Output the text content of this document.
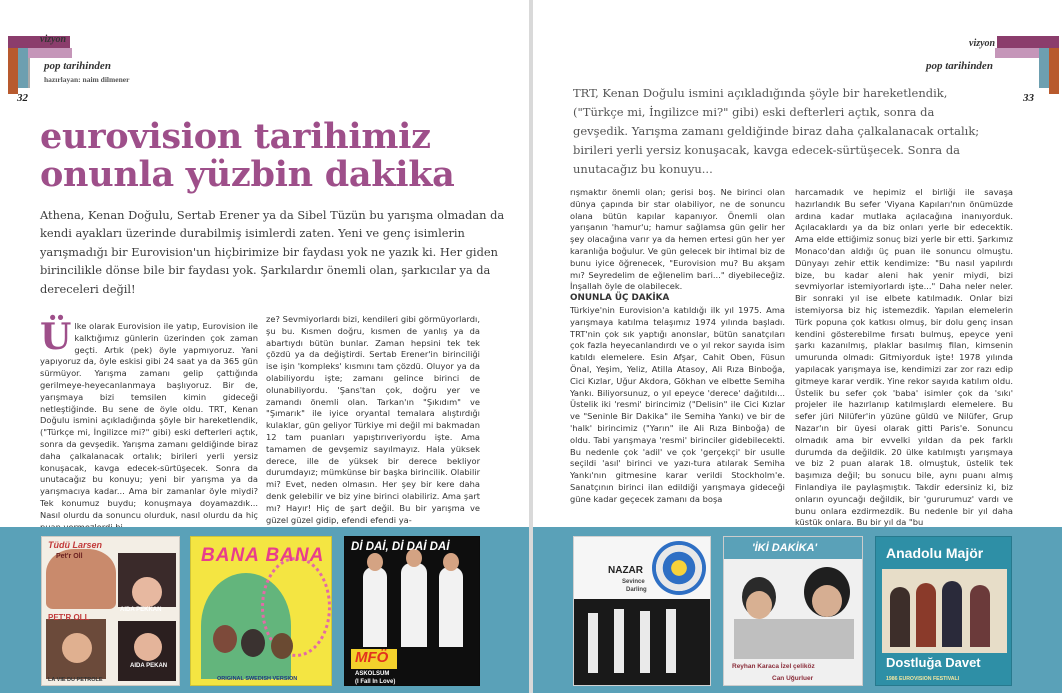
vizyon
pop tarihinden
hazırlayan: naim dilmener
32
eurovision tarihimiz
onunla yüzbin dakika
Athena, Kenan Doğulu, Sertab Erener ya da Sibel Tüzün bu yarışma olmadan da kendi ayakları üzerinde durabilmiş isimlerdi zaten. Yeni ve genç isimlerin yarışmadığı bir Eurovision'un hiçbirimize bir faydası yok ne yazık ki. Her giden birincilikle dönse bile bir faydası yok. Şarkılardır önemli olan, şarkıcılar ya da dereceleri değil!
Ü lke olarak Eurovision ile yatıp, Eurovision ile kalktığımız günlerin üzerinden çok zaman geçti. Artık (pek) öyle yapmıyoruz. Yani yapıyoruz da, öyle eskisi gibi 24 saat ya da 365 gün sürmüyor. Yarışma zamanı gelip çattığında gerilmeye-heyecanlanmaya başlıyoruz. Bir de, yarışmaya bizi temsilen kimin gideceği netleştiğinde. Bu sene de öyle oldu. TRT, Kenan Doğulu ismini açıkladığında şöyle bir hareketlendik, ("Türkçe mi, İngilizce mi?" gibi) eski defterleri açtık, sonra da gevşedik. Yarışma zamanı geldiğinde biraz daha çalkalanacak ortalık; birileri yerli yersiz konuşacak, kavga edecek-sürtüşecek. Sonra da unutacağız bu konuyu; yeni bir yarışma ya da yarışmacıya kadar... Ama bir zamanlar öyle miydi? Tek konumuz buydu; konuşmaya doyamazdık... Nasıl olurdu da sonuncu olurduk, nasıl olurdu da hiç
ze? Sevmiyorlardı bizi, kendileri gibi görmüyorlardı, şu bu. Kısmen doğru, kısmen de yanlış ya da abartıydı bütün bunlar. Zaman hepsini tek tek çözdü ya da değiştirdi. Sertab Erener'in birinciliği ise işin 'kompleks' kısmını tam çözdü. Oluyor ya da olabiliyordu işte; zamanı gelince birinci de olunabiliyordu. 'Şans'tan çok, doğru yer ve zamandı önemli olan. Tarkan'ın "Şıkıdım" ve "Şımarık" ile iyice oryantal temalara alıştırdığı kulaklar, gün geliyor Türkiye mi değil mi bakmadan 12 tam puanları yapıştırıveriyordu işte. Ama tamamen de gevşemiz sayılmayız. Hala yüksek derece, ille de yüksek bir derece bekliyor durumdayız; mümkünse bir başka birincilik. Olabilir mi? Evet, neden olmasın. Her şey bir kere daha denk gelebilir ve biz yine birinci olabiliriz. Ama şart mı? Hayır! Hiç de şart değil. Bu bir yarışma ve güzel güzel gidip, efendi efendi ya-
Tüdü Larsen
Pet'r Oll
AIDA PEKKAN
PET'R OLL
AIDA PEKAN
LA VIE DU PETROLE
BANA BANA
ORIGINAL SWEDISH VERSION
Dİ DAİ, Dİ DAİ DAİ
MFÖ
ASKOLSUM
(I Fall In Love)
vizyon
pop tarihinden
33
TRT, Kenan Doğulu ismini açıkladığında şöyle bir hareketlendik, ("Türkçe mi, İngilizce mi?" gibi) eski defterleri açtık, sonra da gevşedik. Yarışma zamanı geldiğinde biraz daha çalkalanacak ortalık; birileri yerli yersiz konuşacak, kavga edecek-sürtüşecek. Sonra da unutacağız bu konuyu...

rışmaktır önemli olan; gerisi boş. Ne birinci olan dünya çapında bir star olabiliyor, ne de sonuncu olana bütün kapılar kapanıyor. Önemli olan yarışanın 'hamur'u; hamur sağlamsa gün gelir her şey olacağına varır ya da hemen ertesi gün her yer karanlığa boğulur. Ve gün gelecek bir ihtimal biz de bunu iyice öğrenecek, "Eurovision mu? Bu akşam mı? Seyredelim de eğlenelim bari..." diyebileceğiz. İnşallah öyle de olabilecek.

ONUNLA ÜÇ DAKİKA

Türkiye'nin Eurovision'a katıldığı ilk yıl 1975. Ama yarışmaya katılma telaşımız 1974 yılında başladı. TRT'nin çok sık yaptığı anonslar, bütün sanatçıları çok fazla heyecanlandırdı ve o yıl rekor sayıda isim katıldı elemelere. Esin Afşar, Cahit Oben, Füsun Önal, Yeşim, Yeliz, Atilla Atasoy, Ali Rıza Binboğa, Cici Kızlar, Uğur Akdora, Gökhan ve elbette Semiha Yankı. Biliyorsunuz, o yıl epeyce 'derece' dağıtıldı... Üstelik iki 'resmi' birincimiz ("Delisin" ile Cici Kızlar ve "Seninle Bir Dakika" ile Semiha Yankı) ve bir de 'halk' birincimiz ("Yarın" ile Ali Rıza Binboğa) de oldu. Tabi yarışmaya 'resmi' birinciler gidebilecekti. Bu nedenle çok 'adil' ve çok 'gerçekçi' bir usulle seçildi 'asıl' birinci ve yazı-tura atılarak Semiha Yankı'nın gitmesine karar verildi Stockholm'e. Sanatçının birinci ilan edildiği yarışmaya gideceği güne kadar geçecek zamanı da boşa

harcamadık ve hepimiz el birliği ile savaşa hazırlandık Bu sefer 'Viyana Kapıları'nın önümüzde ardına kadar mutlaka açılacağına inanıyorduk. Açılacaklardı ya da biz onları yerle bir edecektik. Ama elde ettiğimiz sonuç bizi yerle bir etti. Şarkımız Monaco'dan aldığı üç puan ile sonuncu olmuştu. Dünyayı zehir ettik kendimize: "Bu nasıl yapılırdı bize, bu kadar aleni hak yenir miydi, bizi sevmiyorlar istemiyorlardı işte..." Daha neler neler. Bir sonraki yıl ise elbete katılmadık. Onlar bizi istemiyorsa biz hiç istemezdik. Yapılan elemelerin Türk popuna çok katkısı olmuş, bir dolu genç insan kendini gösterebilme fırsatı bulmuş, epeyce yeni şarkı kazanılmış, plaklar basılmış filan, kimsenin umurunda olmadı: Gitmiyorduk işte! 1978 yılında yapılacak yarışmaya ise, kendimizi zar zor razı edip gitmeye karar verdik. Yine rekor sayıda katılım oldu. Üstelik bu sefer çok 'baba' isimler çok da 'sıkı' projeler ile hazırlanıp katılmışlardı elemelere. Bu sefer jüri Nilüfer'in yüzüne güldü ve Nilüfer, Grup Nazar'ın bir üyesi olarak gitti Paris'e. Sonuncu olmadık ama bir evvelki yıldan da pek farklı durumda da değildik. 20 ülke katılmıştı yarışmaya ve biz 2 puan alarak 18. olmuştuk, üstelik tek başımıza değil; bu sonucu bile, aynı puanı almış Finlandiya ile paylaşmıştık. Takdir edersiniz ki, biz onların oyuncağı değildik, bir 'gururumuz' vardı ve bunu onlara ezdirmezdik. Bu nedenle bir yıl daha küstük onlara. Bu bir yıl da "bu
NAZAR
Sevince
Darling
'İKİ DAKİKA'
Reyhan Karaca İzel çeliköz
Can Uğurluer
Anadolu Majör
Dostluğa Davet
1986 EUROVISION FESTIVALI
